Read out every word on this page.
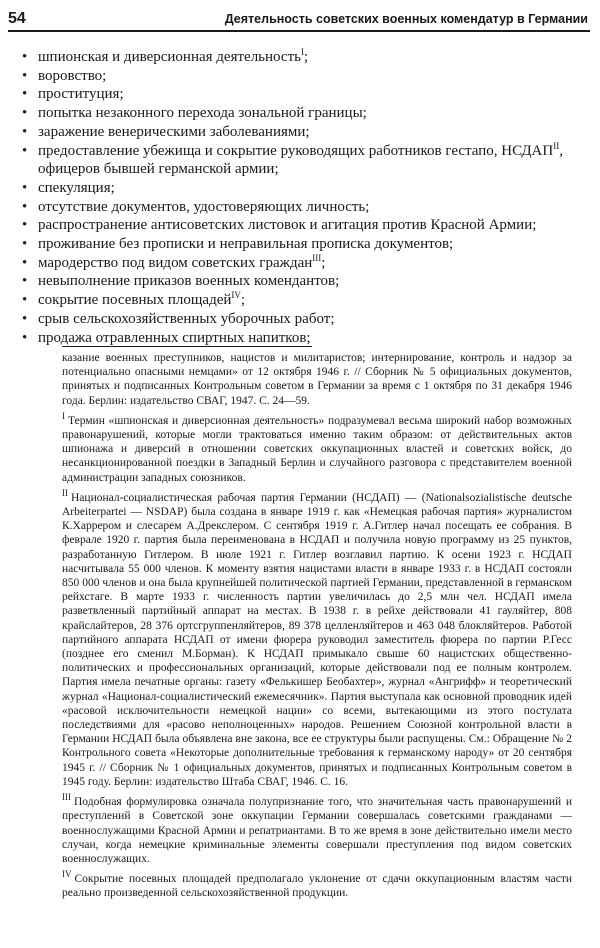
54	Деятельность советских военных комендатур в Германии
• шпионская и диверсионная деятельность$^I$;
• воровство;
• проституция;
• попытка незаконного перехода зональной границы;
• заражение венерическими заболеваниями;
• предоставление убежища и сокрытие руководящих работников гестапо, $НСДАП^{II}$, офицеров бывшей германской армии;
• спекуляция;
• отсутствие документов, удостоверяющих личность;
• распространение антисоветских листовок и агитация против Красной Армии;
• проживание без прописки и неправильная прописка документов;
• мародерство под видом советских граждан$^{III}$;
• невыполнение приказов военных комендантов;
• сокрытие посевных площадей$^{IV}$;
• срыв сельскохозяйственных уборочных работ;
• продажа отравленных спиртных напитков;

казание военных преступников, нацистов и милитаристов; интернирование, контроль и надзор за потенциально опасными немцами» от 12 октября 1946 г. // Сборник № 5 официальных документов, принятых и подписанных Контрольным советом в Германии за время с 1 октября по 31 декабря 1946 года. Берлин: издательство СВАГ, 1947. С. 24—59.

$^I$ Термин «шпионская и диверсионная деятельность» подразумевал весьма широкий набор возможных правонарушений, которые могли трактоваться именно таким образом: от действительных актов шпионажа и диверсий в отношении советских оккупационных властей и советских войск, до несанкционированной поездки в Западный Берлин и случайного разговора с представителем военной администрации западных союзников.

$^{II}$ Национал-социалистическая рабочая партия Германии (НСДАП) — (Nationalsozialistische deutsche Arbeiterpartei — NSDAP) была создана в январе 1919 г. как «Немецкая рабочая партия» журналистом К.Харрером и слесарем А.Дрекслером. С сентября 1919 г. А.Гитлер начал посещать ее собрания. В феврале 1920 г. партия была переименована в НСДАП и получила новую программу из 25 пунктов, разработанную Гитлером. В июле 1921 г. Гитлер возглавил партию. К осени 1923 г. НСДАП насчитывала 55 000 членов. К моменту взятия нацистами власти в январе 1933 г. в НСДАП состояли 850 000 членов и она была крупнейшей политической партией Германии, представленной в германском рейхстаге. В марте 1933 г. численность партии увеличилась до 2,5 млн чел. НСДАП имела разветвленный партийный аппарат на местах. В 1938 г. в рейхе действовали 41 гауляйтер, 808 крайслайтеров, 28 376 ортсгруппенляйтеров, 89 378 целленляйтеров и 463 048 блокляйтеров. Работой партийного аппарата НСДАП от имени фюрера руководил заместитель фюрера по партии Р.Гесс (позднее его сменил М.Борман). К НСДАП примыкало свыше 60 нацистских общественно-политических и профессиональных организаций, которые действовали под ее полным контролем. Партия имела печатные органы: газету «Фелькишер Беобахтер», журнал «Ангрифф» и теоретический журнал «Национал-социалистический ежемесячник». Партия выступала как основной проводник идей «расовой исключительности немецкой нации» со всеми, вытекающими из этого постулата последствиями для «расово неполноценных» народов. Решением Союзной контрольной власти в Германии НСДАП была объявлена вне закона, все ее структуры были распущены. См.: Обращение № 2 Контрольного совета «Некоторые дополнительные требования к германскому народу» от 20 сентября 1945 г. // Сборник № 1 официальных документов, принятых и подписанных Контрольным советом в 1945 году. Берлин: издательство Штаба СВАГ, 1946. С. 16.

$^{III}$ Подобная формулировка означала полупризнание того, что значительная часть правонарушений и преступлений в Советской зоне оккупации Германии совершалась советскими гражданами — военнослужащими Красной Армии и репатриантами. В то же время в зоне действительно имели место случаи, когда немецкие криминальные элементы совершали преступления под видом советских военнослужащих.

$^{IV}$ Сокрытие посевных площадей предполагало уклонение от сдачи оккупационным властям части реально произведенной сельскохозяйственной продукции.
